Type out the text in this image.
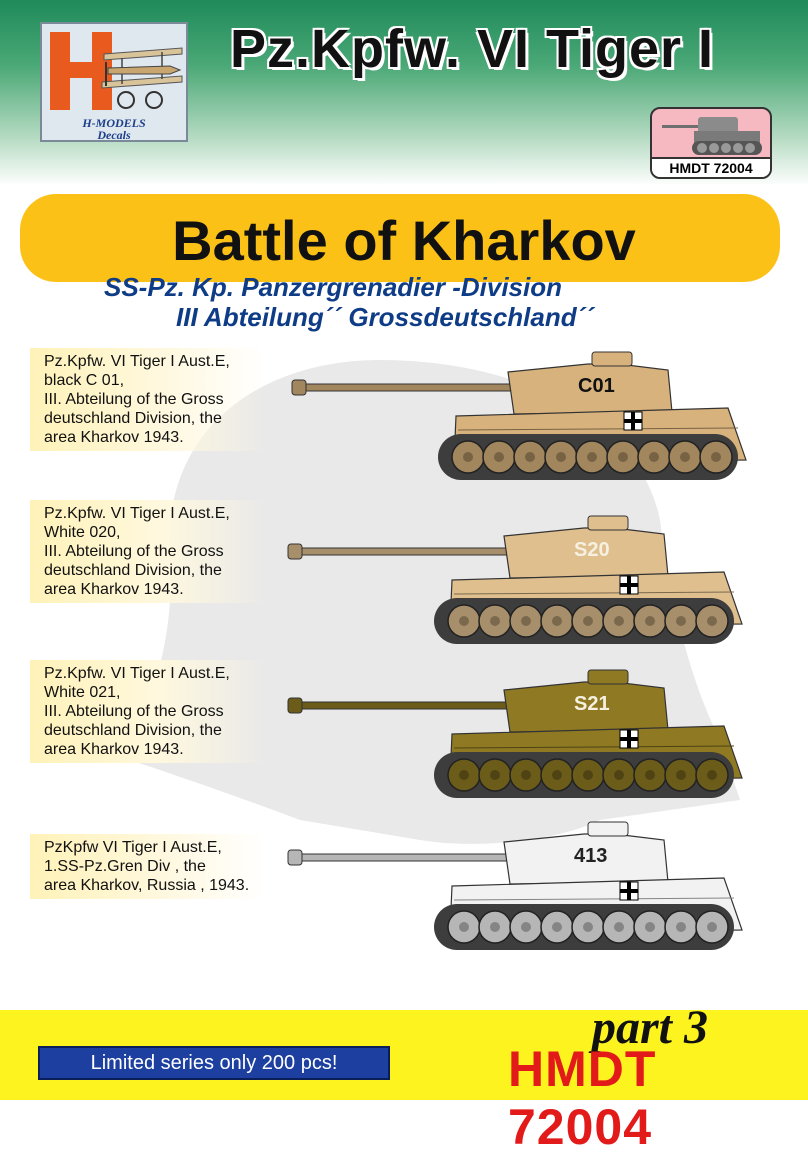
H-MODELS
Decals
Pz.Kpfw. VI Tiger I
HMDT 72004
Battle of Kharkov
SS-Pz. Kp. Panzergrenadier -Division
III Abteilung´´ Grossdeutschland´´
Pz.Kpfw. VI Tiger I Aust.E,
black C 01,
III. Abteilung of the Gross
deutschland Division, the
area Kharkov 1943.
Pz.Kpfw. VI Tiger I Aust.E,
White 020,
III. Abteilung of the Gross
deutschland Division, the
area Kharkov 1943.
Pz.Kpfw. VI Tiger I Aust.E,
White 021,
III. Abteilung of the Gross
deutschland Division, the
area Kharkov 1943.
PzKpfw VI Tiger I Aust.E,
1.SS-Pz.Gren Div , the
area Kharkov, Russia , 1943.
C01
S20
S21
413
part 3
HMDT 72004
Limited series only 200 pcs!
